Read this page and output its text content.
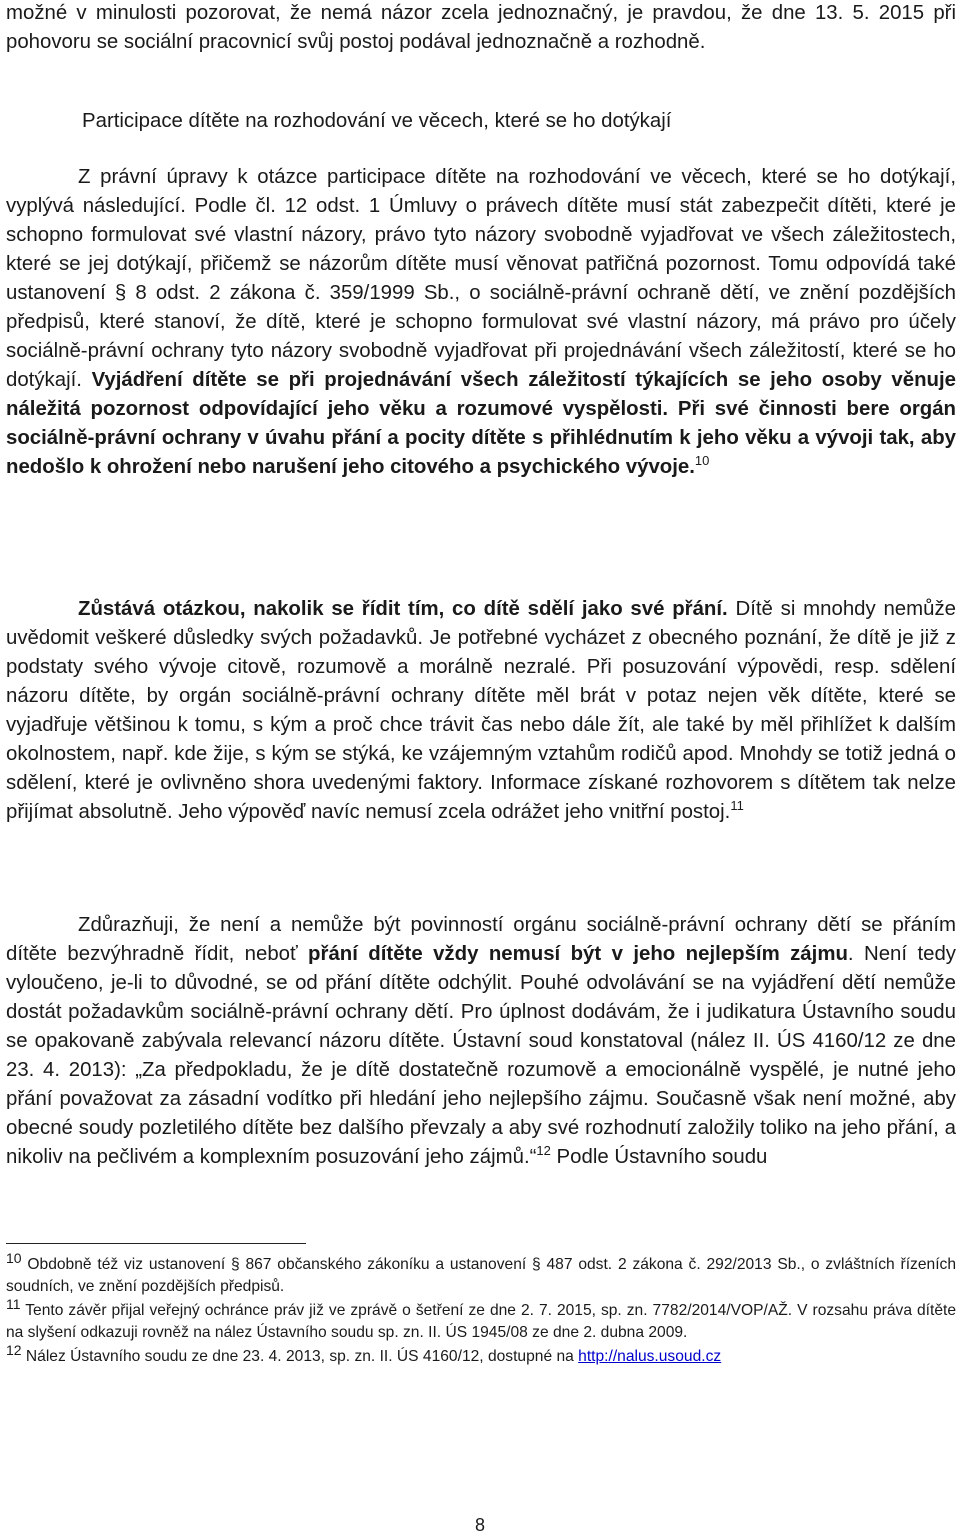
možné v minulosti pozorovat, že nemá názor zcela jednoznačný, je pravdou, že dne 13. 5. 2015 při pohovoru se sociální pracovnicí svůj postoj podával jednoznačně a rozhodně.

Participace dítěte na rozhodování ve věcech, které se ho dotýkají

Z právní úpravy k otázce participace dítěte na rozhodování ve věcech, které se ho dotýkají, vyplývá následující. Podle čl. 12 odst. 1 Úmluvy o právech dítěte musí stát zabezpečit dítěti, které je schopno formulovat své vlastní názory, právo tyto názory svobodně vyjadřovat ve všech záležitostech, které se jej dotýkají, přičemž se názorům dítěte musí věnovat patřičná pozornost. Tomu odpovídá také ustanovení § 8 odst. 2 zákona č. 359/1999 Sb., o sociálně-právní ochraně dětí, ve znění pozdějších předpisů, které stanoví, že dítě, které je schopno formulovat své vlastní názory, má právo pro účely sociálně-právní ochrany tyto názory svobodně vyjadřovat při projednávání všech záležitostí, které se ho dotýkají. Vyjádření dítěte se při projednávání všech záležitostí týkajících se jeho osoby věnuje náležitá pozornost odpovídající jeho věku a rozumové vyspělosti. Při své činnosti bere orgán sociálně-právní ochrany v úvahu přání a pocity dítěte s přihlédnutím k jeho věku a vývoji tak, aby nedošlo k ohrožení nebo narušení jeho citového a psychického vývoje.$^{10}$

Zůstává otázkou, nakolik se řídit tím, co dítě sdělí jako své přání. Dítě si mnohdy nemůže uvědomit veškeré důsledky svých požadavků. Je potřebné vycházet z obecného poznání, že dítě je již z podstaty svého vývoje citově, rozumově a morálně nezralé. Při posuzování výpovědi, resp. sdělení názoru dítěte, by orgán sociálně-právní ochrany dítěte měl brát v potaz nejen věk dítěte, které se vyjadřuje většinou k tomu, s kým a proč chce trávit čas nebo dále žít, ale také by měl přihlížet k dalším okolnostem, např. kde žije, s kým se stýká, ke vzájemným vztahům rodičů apod. Mnohdy se totiž jedná o sdělení, které je ovlivněno shora uvedenými faktory. Informace získané rozhovorem s dítětem tak nelze přijímat absolutně. Jeho výpověď navíc nemusí zcela odrážet jeho vnitřní postoj.$^{11}$

Zdůrazňuji, že není a nemůže být povinností orgánu sociálně-právní ochrany dětí se přáním dítěte bezvýhradně řídit, neboť přání dítěte vždy nemusí být v jeho nejlepším zájmu. Není tedy vyloučeno, je-li to důvodné, se od přání dítěte odchýlit. Pouhé odvolávání se na vyjádření dětí nemůže dostát požadavkům sociálně-právní ochrany dětí. Pro úplnost dodávám, že i judikatura Ústavního soudu se opakovaně zabývala relevancí názoru dítěte. Ústavní soud konstatoval (nález II. ÚS 4160/12 ze dne 23. 4. 2013): „Za předpokladu, že je dítě dostatečně rozumově a emocionálně vyspělé, je nutné jeho přání považovat za zásadní vodítko při hledání jeho nejlepšího zájmu. Současně však není možné, aby obecné soudy pozletilého dítěte bez dalšího převzaly a aby své rozhodnutí založily toliko na jeho přání, a nikoliv na pečlivém a komplexním posuzování jeho zájmů.“$^{12}$ Podle Ústavního soudu

$^{10}$ Obdobně též viz ustanovení § 867 občanského zákoníku a ustanovení § 487 odst. 2 zákona č. 292/2013 Sb., o zvláštních řízeních soudních, ve znění pozdějších předpisů.

$^{11}$ Tento závěr přijal veřejný ochránce práv již ve zprávě o šetření ze dne 2. 7. 2015, sp. zn. 7782/2014/VOP/AŽ. V rozsahu práva dítěte na slyšení odkazuji rovněž na nález Ústavního soudu sp. zn. II. ÚS 1945/08 ze dne 2. dubna 2009.

$^{12}$ Nález Ústavního soudu ze dne 23. 4. 2013, sp. zn. II. ÚS 4160/12, dostupné na http://nalus.usoud.cz

8
